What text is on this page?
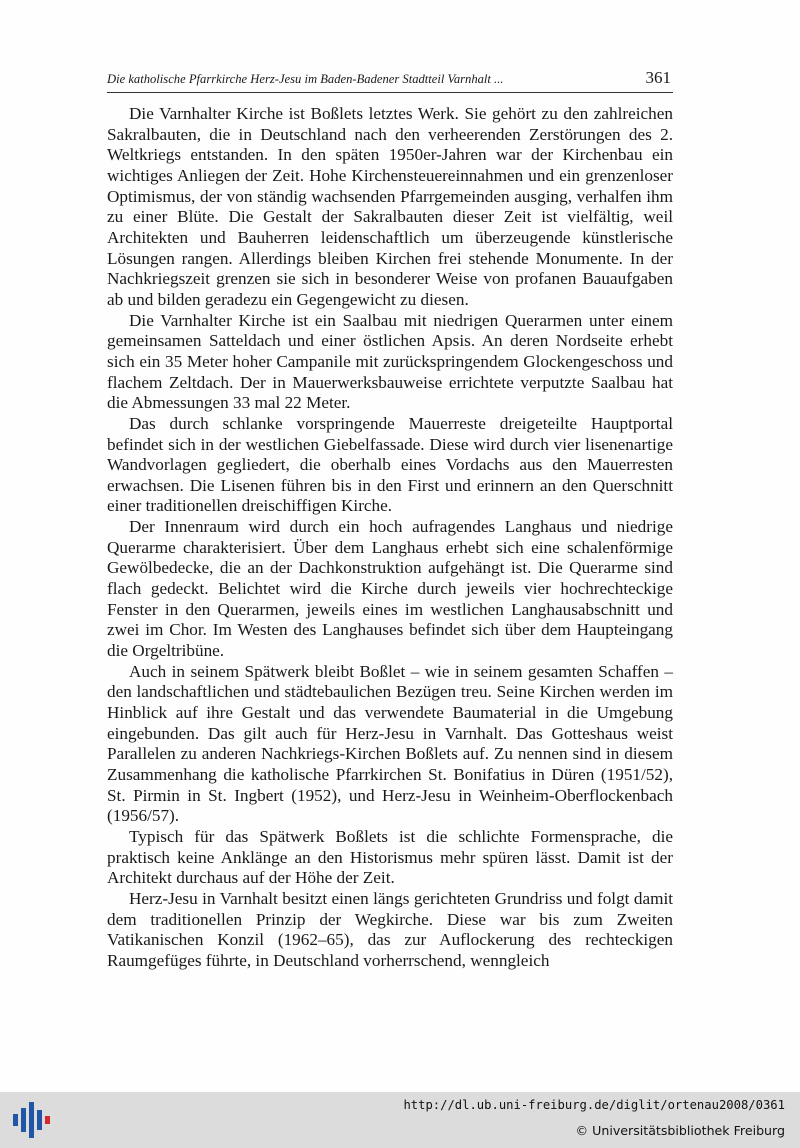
Die katholische Pfarrkirche Herz-Jesu im Baden-Badener Stadtteil Varnhalt ...	361

Die Varnhalter Kirche ist Boßlets letztes Werk. Sie gehört zu den zahlreichen Sakralbauten, die in Deutschland nach den verheerenden Zerstörungen des 2. Weltkriegs entstanden. In den späten 1950er-Jahren war der Kirchenbau ein wichtiges Anliegen der Zeit. Hohe Kirchensteuereinnahmen und ein grenzenloser Optimismus, der von ständig wachsenden Pfarrgemeinden ausging, verhalfen ihm zu einer Blüte. Die Gestalt der Sakralbauten dieser Zeit ist vielfältig, weil Architekten und Bauherren leidenschaftlich um überzeugende künstlerische Lösungen rangen. Allerdings bleiben Kirchen frei stehende Monumente. In der Nachkriegszeit grenzen sie sich in besonderer Weise von profanen Bauaufgaben ab und bilden geradezu ein Gegengewicht zu diesen.

Die Varnhalter Kirche ist ein Saalbau mit niedrigen Querarmen unter einem gemeinsamen Satteldach und einer östlichen Apsis. An deren Nordseite erhebt sich ein 35 Meter hoher Campanile mit zurückspringendem Glockengeschoss und flachem Zeltdach. Der in Mauerwerksbauweise errichtete verputzte Saalbau hat die Abmessungen 33 mal 22 Meter.

Das durch schlanke vorspringende Mauerreste dreigeteilte Hauptportal befindet sich in der westlichen Giebelfassade. Diese wird durch vier lisenenartige Wandvorlagen gegliedert, die oberhalb eines Vordachs aus den Mauerresten erwachsen. Die Lisenen führen bis in den First und erinnern an den Querschnitt einer traditionellen dreischiffigen Kirche.

Der Innenraum wird durch ein hoch aufragendes Langhaus und niedrige Querarme charakterisiert. Über dem Langhaus erhebt sich eine schalenförmige Gewölbedecke, die an der Dachkonstruktion aufgehängt ist. Die Querarme sind flach gedeckt. Belichtet wird die Kirche durch jeweils vier hochrechteckige Fenster in den Querarmen, jeweils eines im westlichen Langhausabschnitt und zwei im Chor. Im Westen des Langhauses befindet sich über dem Haupteingang die Orgeltribüne.

Auch in seinem Spätwerk bleibt Boßlet – wie in seinem gesamten Schaffen – den landschaftlichen und städtebaulichen Bezügen treu. Seine Kirchen werden im Hinblick auf ihre Gestalt und das verwendete Baumaterial in die Umgebung eingebunden. Das gilt auch für Herz-Jesu in Varnhalt. Das Gotteshaus weist Parallelen zu anderen Nachkriegs-Kirchen Boßlets auf. Zu nennen sind in diesem Zusammenhang die katholische Pfarrkirchen St. Bonifatius in Düren (1951/52), St. Pirmin in St. Ingbert (1952), und Herz-Jesu in Weinheim-Oberflockenbach (1956/57).

Typisch für das Spätwerk Boßlets ist die schlichte Formensprache, die praktisch keine Anklänge an den Historismus mehr spüren lässt. Damit ist der Architekt durchaus auf der Höhe der Zeit.

Herz-Jesu in Varnhalt besitzt einen längs gerichteten Grundriss und folgt damit dem traditionellen Prinzip der Wegkirche. Diese war bis zum Zweiten Vatikanischen Konzil (1962–65), das zur Auflockerung des rechteckigen Raumgefüges führte, in Deutschland vorherrschend, wenngleich

http://dl.ub.uni-freiburg.de/diglit/ortenau2008/0361
© Universitätsbibliothek Freiburg
